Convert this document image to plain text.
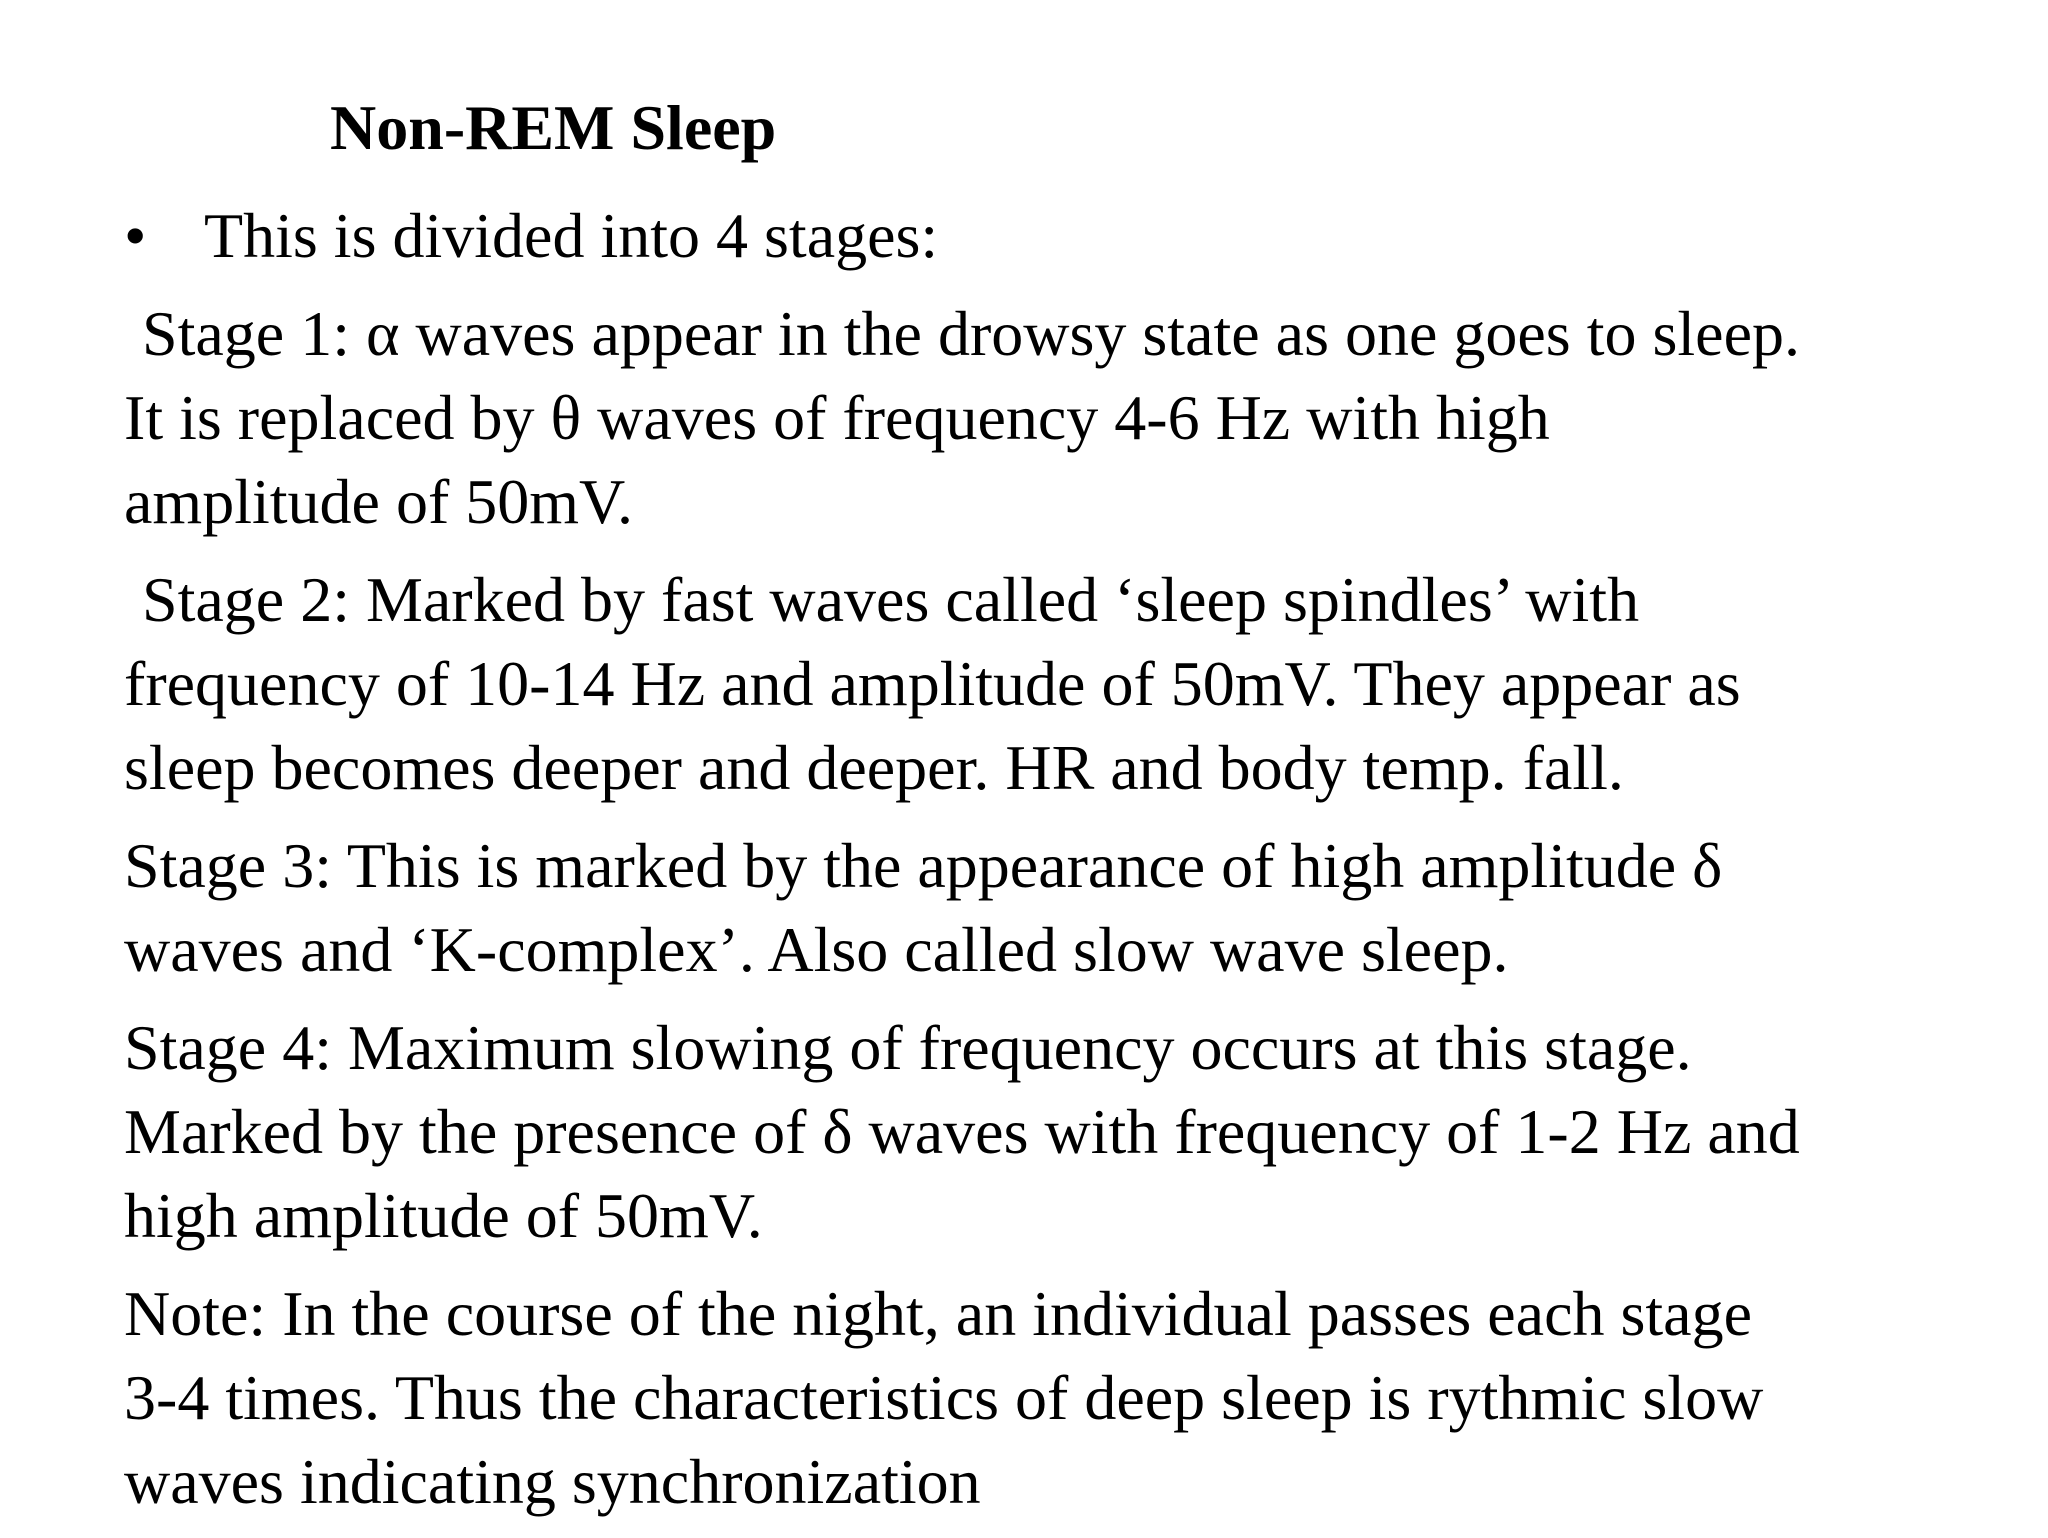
Non-REM Sleep
• This is divided into 4 stages:
Stage 1: α waves appear in the drowsy state as one goes to sleep.
It is replaced by θ waves of frequency 4-6 Hz with high
amplitude of 50mV.
Stage 2: Marked by fast waves called ‘sleep spindles’ with
frequency of 10-14 Hz and amplitude of 50mV. They appear as
sleep becomes deeper and deeper. HR and body temp. fall.
Stage 3: This is marked by the appearance of high amplitude δ
waves and ‘K-complex’. Also called slow wave sleep.
Stage 4: Maximum slowing of frequency occurs at this stage.
Marked by the presence of δ waves with frequency of 1-2 Hz and
high amplitude of 50mV.
Note: In the course of the night, an individual passes each stage
3-4 times. Thus the characteristics of deep sleep is rythmic slow
waves indicating synchronization
